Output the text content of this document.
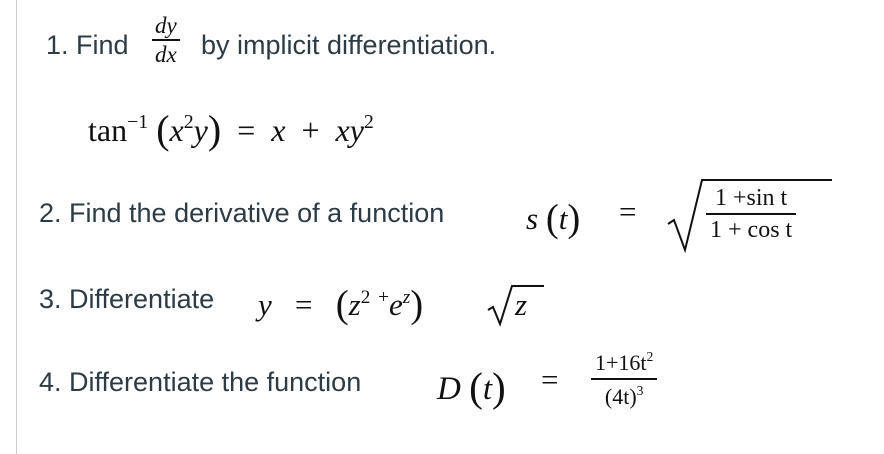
1. Find
dy
dx by implicit differentiation.
$\tan^{-1} (x^2y) = x + xy^2$
2. Find the derivative of a function	s (t) =	1 +sin t
1 + cos t
3. Differentiate $y = (z^2$ $^+e^z$)	z
4. Differentiate the function D $(t) = 1+16t^2$
$(4t)^3$
